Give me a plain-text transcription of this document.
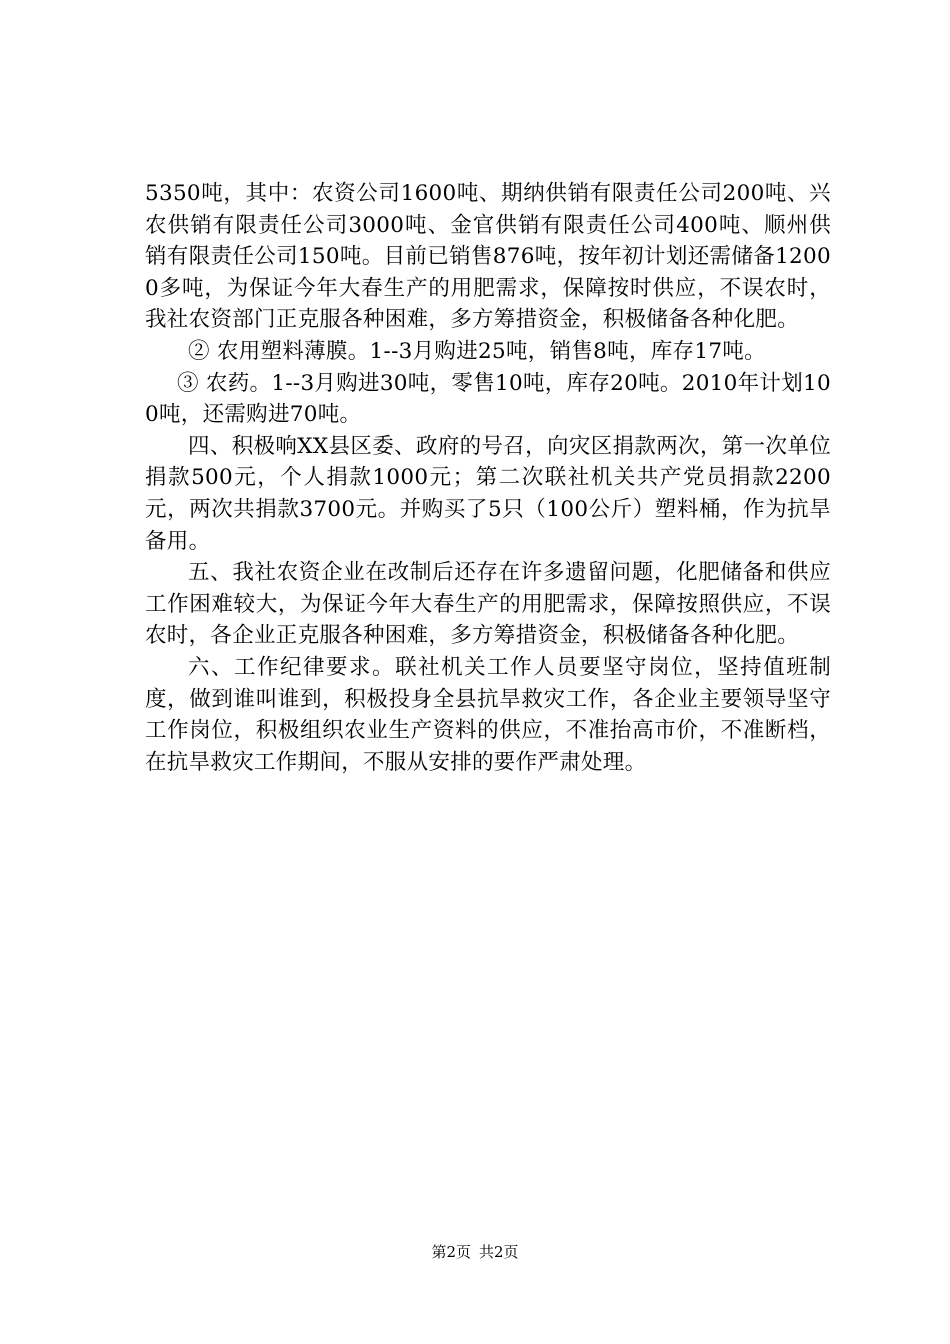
5350吨，其中：农资公司1600吨、期纳供销有限责任公司200吨、兴农供销有限责任公司3000吨、金官供销有限责任公司400吨、顺州供销有限责任公司150吨。目前已销售876吨，按年初计划还需储备12000多吨，为保证今年大春生产的用肥需求，保障按时供应，不误农时，我社农资部门正克服各种困难，多方筹措资金，积极储备各种化肥。

② 农用塑料薄膜。1--3月购进25吨，销售8吨，库存17吨。

③ 农药。1--3月购进30吨，零售10吨，库存20吨。2010年计划100吨，还需购进70吨。

四、积极响XX县区委、政府的号召，向灾区捐款两次，第一次单位捐款500元，个人捐款1000元；第二次联社机关共产党员捐款2200元，两次共捐款3700元。并购买了5只（100公斤）塑料桶，作为抗旱备用。

五、我社农资企业在改制后还存在许多遗留问题，化肥储备和供应工作困难较大，为保证今年大春生产的用肥需求，保障按照供应，不误农时，各企业正克服各种困难，多方筹措资金，积极储备各种化肥。

六、工作纪律要求。联社机关工作人员要坚守岗位，坚持值班制度，做到谁叫谁到，积极投身全县抗旱救灾工作，各企业主要领导坚守工作岗位，积极组织农业生产资料的供应，不准抬高市价，不准断档，在抗旱救灾工作期间，不服从安排的要作严肃处理。

第2页 共2页
